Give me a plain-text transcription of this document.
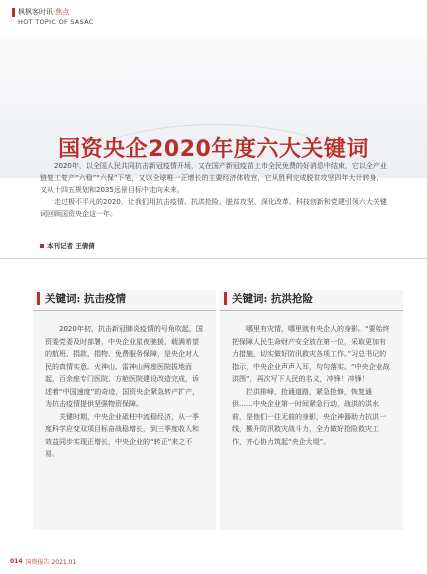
枫枫客时讯 ·焦点
HOT TOPIC OF SASAC
国资央企2020年度六大关键词

2020年，以全国人民共同抗击新冠疫情开场，又在国产新冠疫苗上市全民免费的好消息中结束，它以全产业链复工复产“六稳”“六保”下笔，又以全球唯一正增长的主要经济体收官，它从胜利完成脱贫攻坚四年大计转身，又从十四五规划和2035远景目标中走向未来。

走过极不平凡的2020，让我们用抗击疫情、抗洪抢险、脱贫攻坚、深化改革、科技创新和党建引领六大关键词回顾国资央企这一年。

本刊记者 王倩倩
关键词: 抗击疫情

2020年初，抗击新冠肺炎疫情的号角吹起，国资委党委及时部署，中央企业星夜驰援，载满希望的航班、捐款、捐物、免费服务保障，是央企对人民的真情实意。火神山、雷神山两座医院拔地而起，百余座专门医院、方舱医院建设改造完成，诉述着“中国速度”的奇迹，国资央企紧急转产扩产，为抗击疫情提供坚强物资保障。

关键时期，中央企业砥柱中流稳经济，从一季度科学应变双项目标奋战稳增长，到三季度收入和效益同步实现正增长，中央企业的“转正”来之不易。

关键词: 抗洪抢险

哪里有灾情，哪里就有央企人的身影。“要始终把保障人民生命财产安全放在第一位，采取更加有力措施，切实做好防汛救灾各项工作。”习总书记的指示，中央企业声声入耳，句句落实。“中央企业战洪图”，再次写下人民的名义，冲锋！冲锋！

拦洪排峰，抢通道路，紧急抢修，恢复通供……中央企业第一时间紧急行动，战洪的洪水前，是他们一往无前的身影，央企神器助力抗洪一线，搬升防汛救灾战斗力，全力做好抢险救灾工作，齐心协力筑起“央企大堤”。

014 国资报告 2021.01
